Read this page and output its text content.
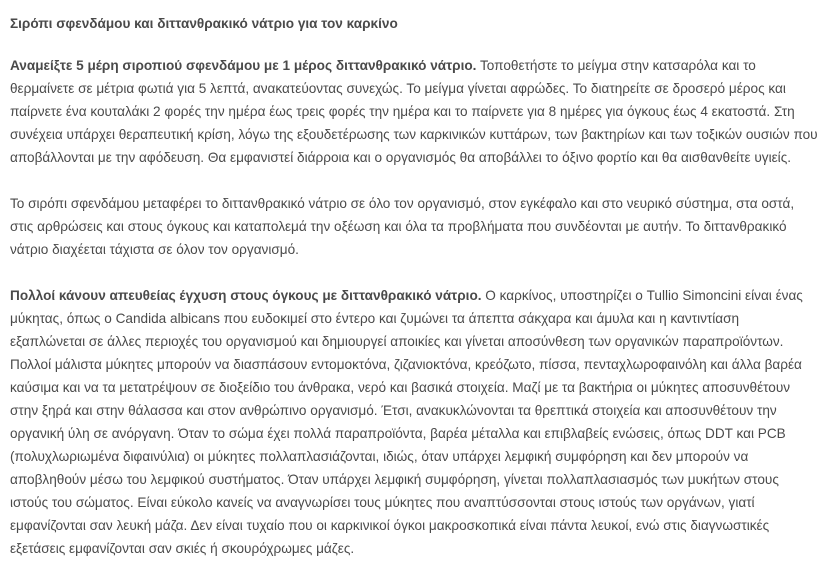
Σιρόπι σφενδάμου και διττανθρακικό νάτριο για τον καρκίνο

Αναμείξτε 5 μέρη σιροπιού σφενδάμου με 1 μέρος διττανθρακικό νάτριο. Τοποθετήστε το μείγμα στην κατσαρόλα και το θερμαίνετε σε μέτρια φωτιά για 5 λεπτά, ανακατεύοντας συνεχώς. Το μείγμα γίνεται αφρώδες. Το διατηρείτε σε δροσερό μέρος και παίρνετε ένα κουταλάκι 2 φορές την ημέρα έως τρεις φορές την ημέρα και το παίρνετε για 8 ημέρες για όγκους έως 4 εκατοστά. Στη συνέχεια υπάρχει θεραπευτική κρίση, λόγω της εξουδετέρωσης των καρκινικών κυττάρων, των βακτηρίων και των τοξικών ουσιών που αποβάλλονται με την αφόδευση. Θα εμφανιστεί διάρροια και ο οργανισμός θα αποβάλλει το όξινο φορτίο και θα αισθανθείτε υγιείς.

Το σιρόπι σφενδάμου μεταφέρει το διττανθρακικό νάτριο σε όλο τον οργανισμό, στον εγκέφαλο και στο νευρικό σύστημα, στα οστά, στις αρθρώσεις και στους όγκους και καταπολεμά την οξέωση και όλα τα προβλήματα που συνδέονται με αυτήν. Το διττανθρακικό νάτριο διαχέεται τάχιστα σε όλον τον οργανισμό.

Πολλοί κάνουν απευθείας έγχυση στους όγκους με διττανθρακικό νάτριο. Ο καρκίνος, υποστηρίζει ο Tullio Simoncini είναι ένας μύκητας, όπως ο Candida albicans που ευδοκιμεί στο έντερο και ζυμώνει τα άπεπτα σάκχαρα και άμυλα και η καντιντίαση εξαπλώνεται σε άλλες περιοχές του οργανισμού και δημιουργεί αποικίες και γίνεται αποσύνθεση των οργανικών παραπροϊόντων. Πολλοί μάλιστα μύκητες μπορούν να διασπάσουν εντομοκτόνα, ζιζανιοκτόνα, κρεόζωτο, πίσσα, πενταχλωροφαινόλη και άλλα βαρέα καύσιμα και να τα μετατρέψουν σε διοξείδιο του άνθρακα, νερό και βασικά στοιχεία. Μαζί με τα βακτήρια οι μύκητες αποσυνθέτουν στην ξηρά και στην θάλασσα και στον ανθρώπινο οργανισμό. Έτσι, ανακυκλώνονται τα θρεπτικά στοιχεία και αποσυνθέτουν την οργανική ύλη σε ανόργανη. Όταν το σώμα έχει πολλά παραπροϊόντα, βαρέα μέταλλα και επιβλαβείς ενώσεις, όπως DDT και PCB (πολυχλωριωμένα διφαινύλια) οι μύκητες πολλαπλασιάζονται, ιδιώς, όταν υπάρχει λεμφική συμφόρηση και δεν μπορούν να αποβληθούν μέσω του λεμφικού συστήματος. Όταν υπάρχει λεμφική συμφόρηση, γίνεται πολλαπλασιασμός των μυκήτων στους ιστούς του σώματος. Είναι εύκολο κανείς να αναγνωρίσει τους μύκητες που αναπτύσσονται στους ιστούς των οργάνων, γιατί εμφανίζονται σαν λευκή μάζα. Δεν είναι τυχαίο που οι καρκινικοί όγκοι μακροσκοπικά είναι πάντα λευκοί, ενώ στις διαγνωστικές εξετάσεις εμφανίζονται σαν σκιές ή σκουρόχρωμες μάζες.
